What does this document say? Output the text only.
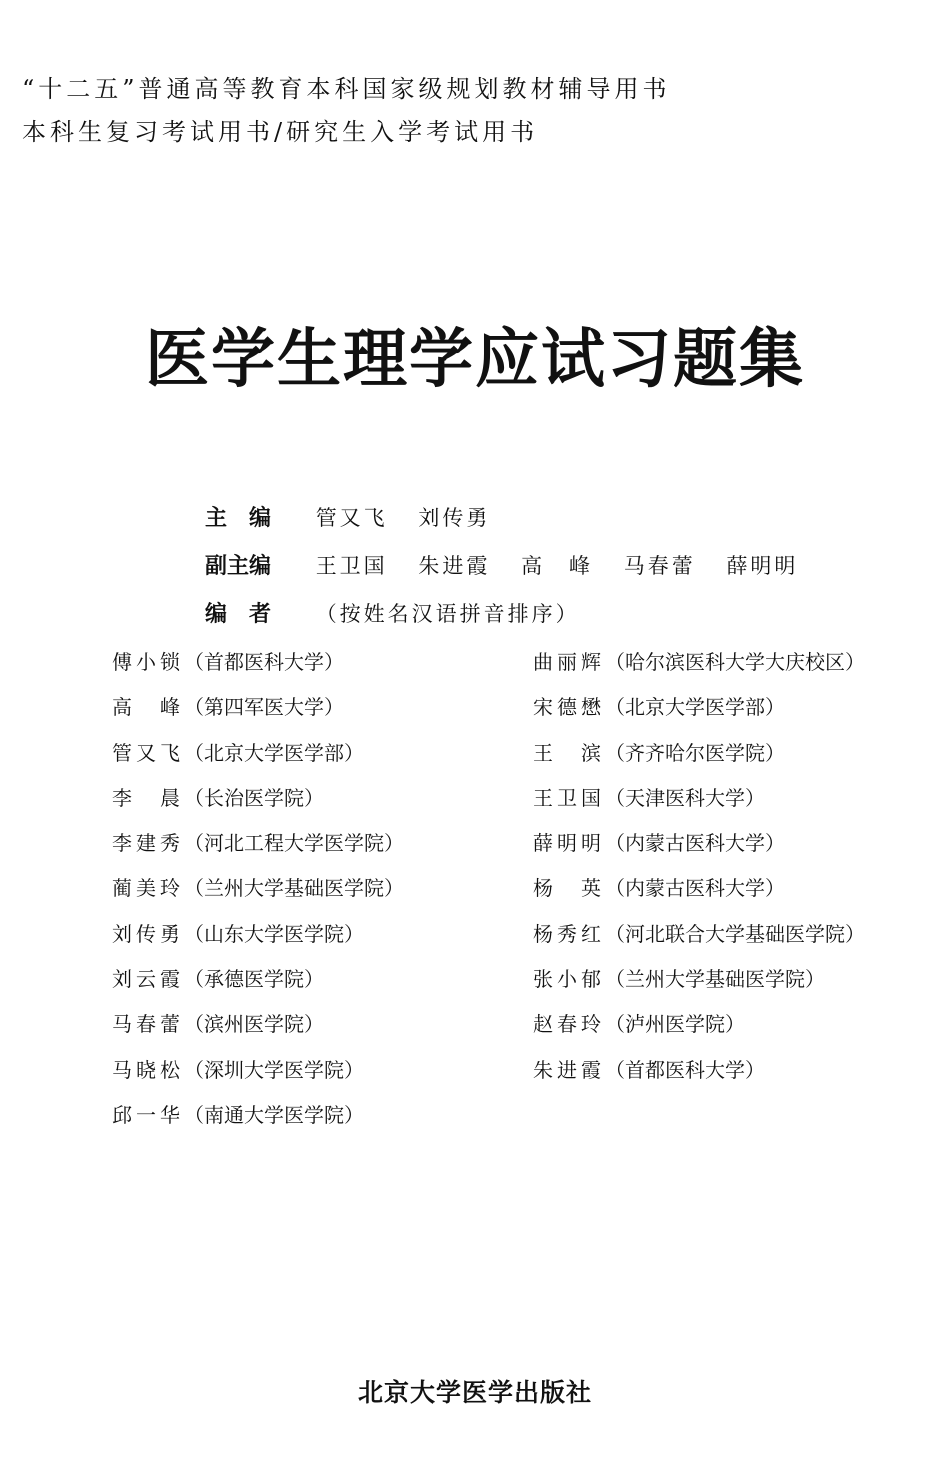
“十二五”普通高等教育本科国家级规划教材辅导用书
本科生复习考试用书/研究生入学考试用书
医学生理学应试习题集
主　编 管又飞 刘传勇
副主编 王卫国 朱进霞 高　峰 马春蕾 薛明明
编　者 （按姓名汉语拼音排序）
傅小锁 （首都医科大学）
高　峰 （第四军医大学）
管又飞 （北京大学医学部）
李　晨 （长治医学院）
李建秀 （河北工程大学医学院）
蔺美玲 （兰州大学基础医学院）
刘传勇 （山东大学医学院）
刘云霞 （承德医学院）
马春蕾 （滨州医学院）
马晓松 （深圳大学医学院）
邱一华 （南通大学医学院）
曲丽辉 （哈尔滨医科大学大庆校区）
宋德懋 （北京大学医学部）
王　滨 （齐齐哈尔医学院）
王卫国 （天津医科大学）
薛明明 （内蒙古医科大学）
杨　英 （内蒙古医科大学）
杨秀红 （河北联合大学基础医学院）
张小郁 （兰州大学基础医学院）
赵春玲 （泸州医学院）
朱进霞 （首都医科大学）
北京大学医学出版社
